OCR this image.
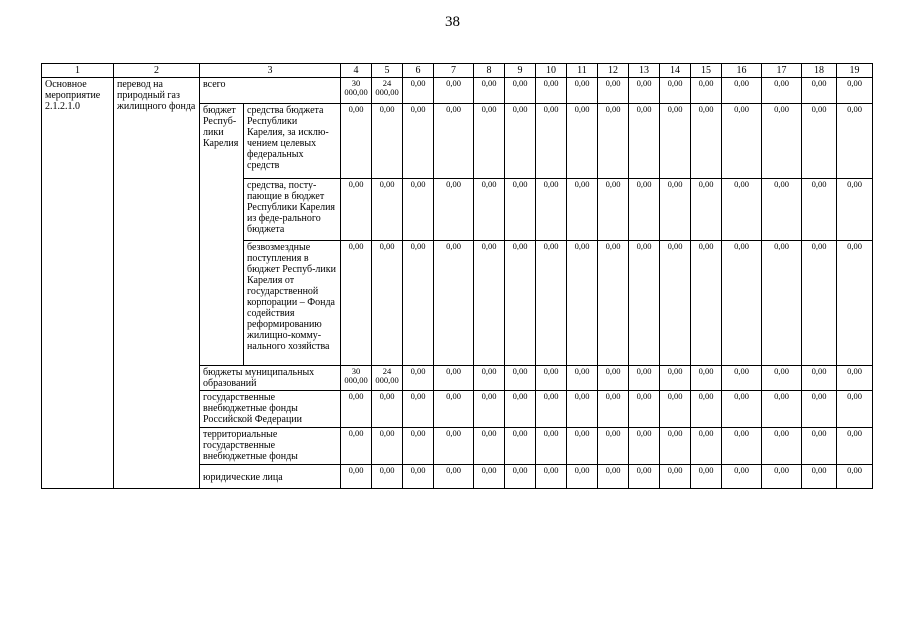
38
1	2	3		4	5	6	7	8	9	10	11	12	13	14	15	16	17	18	19
Основное мероприятие 2.1.2.1.0	перевод на природный газ жилищного фонда	всего		30 000,00	24 000,00	0,00	0,00	0,00	0,00	0,00	0,00	0,00	0,00	0,00	0,00	0,00	0,00	0,00	0,00
		бюджет Респуб-лики Карелия	средства бюджета Республики Карелия, за исклю-чением целевых федеральных средств	0,00	0,00	0,00	0,00	0,00	0,00	0,00	0,00	0,00	0,00	0,00	0,00	0,00	0,00	0,00	0,00
			средства, посту-пающие в бюджет Республики Карелия из феде-рального бюджета	0,00	0,00	0,00	0,00	0,00	0,00	0,00	0,00	0,00	0,00	0,00	0,00	0,00	0,00	0,00	0,00
			безвозмездные поступления в бюджет Респуб-лики Карелия от государственной корпорации – Фонда содействия реформированию жилищно-комму-нального хозяйства	0,00	0,00	0,00	0,00	0,00	0,00	0,00	0,00	0,00	0,00	0,00	0,00	0,00	0,00	0,00	0,00
		бюджеты муниципальных образований		30 000,00	24 000,00	0,00	0,00	0,00	0,00	0,00	0,00	0,00	0,00	0,00	0,00	0,00	0,00	0,00	0,00
		государственные внебюджетные фонды Российской Федерации		0,00	0,00	0,00	0,00	0,00	0,00	0,00	0,00	0,00	0,00	0,00	0,00	0,00	0,00	0,00	0,00
		территориальные государственные внебюджетные фонды		0,00	0,00	0,00	0,00	0,00	0,00	0,00	0,00	0,00	0,00	0,00	0,00	0,00	0,00	0,00	0,00
		юридические лица		0,00	0,00	0,00	0,00	0,00	0,00	0,00	0,00	0,00	0,00	0,00	0,00	0,00	0,00	0,00	0,00
